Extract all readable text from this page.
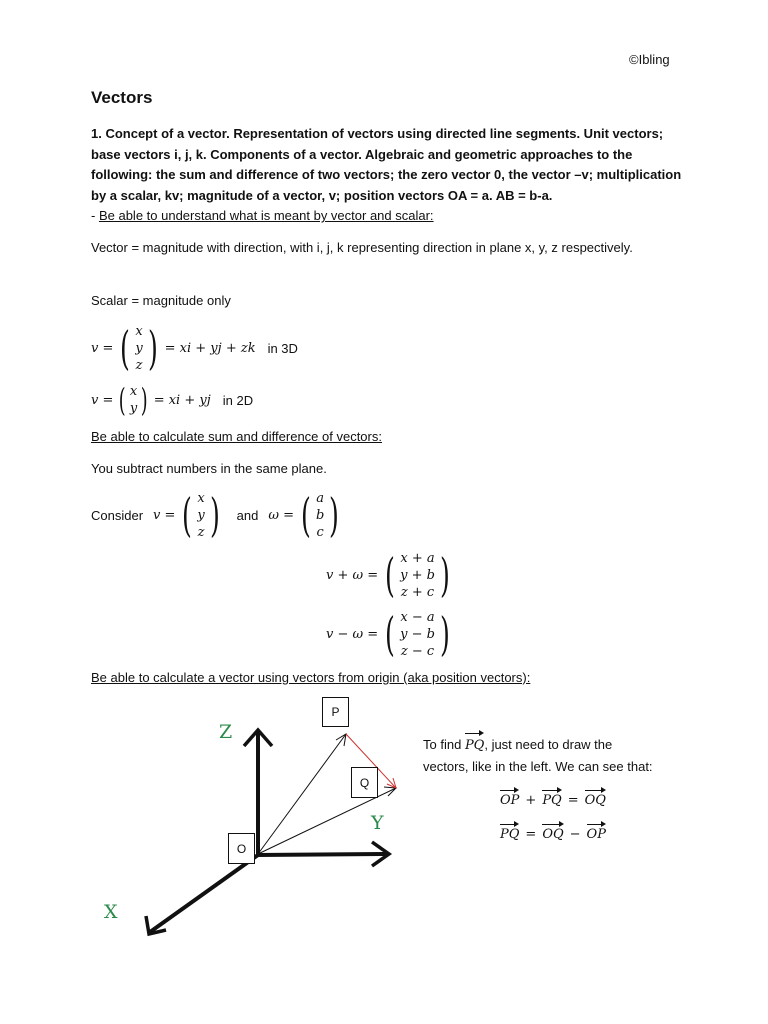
©Ibling
Vectors
1. Concept of a vector. Representation of vectors using directed line segments. Unit vectors; base vectors i, j, k. Components of a vector. Algebraic and geometric approaches to the following: the sum and difference of two vectors; the zero vector 0, the vector –v; multiplication by a scalar, kv; magnitude of a vector, v; position vectors OA = a. AB = b-a.
- Be able to understand what is meant by vector and scalar:
Vector = magnitude with direction, with i, j, k representing direction in plane x, y, z respectively.
Scalar = magnitude only
v = ( x
y
z ) = xi + yj + zk in 3D
v = ( x
y ) = xi + yj in 2D
Be able to calculate sum and difference of vectors:
You subtract numbers in the same plane.
Consider v = ( x
y
z ) and ω = ( a
b
c )
v + ω = ( x + a
y + b
z + c )
v − ω = ( x − a
y − b
z − c )
Be able to calculate a vector using vectors from origin (aka position vectors):
Z
Y
X
P
Q
O
To find PQ, just need to draw the
vectors, like in the left. We can see that:
OP + PQ = OQ
PQ = OQ − OP
